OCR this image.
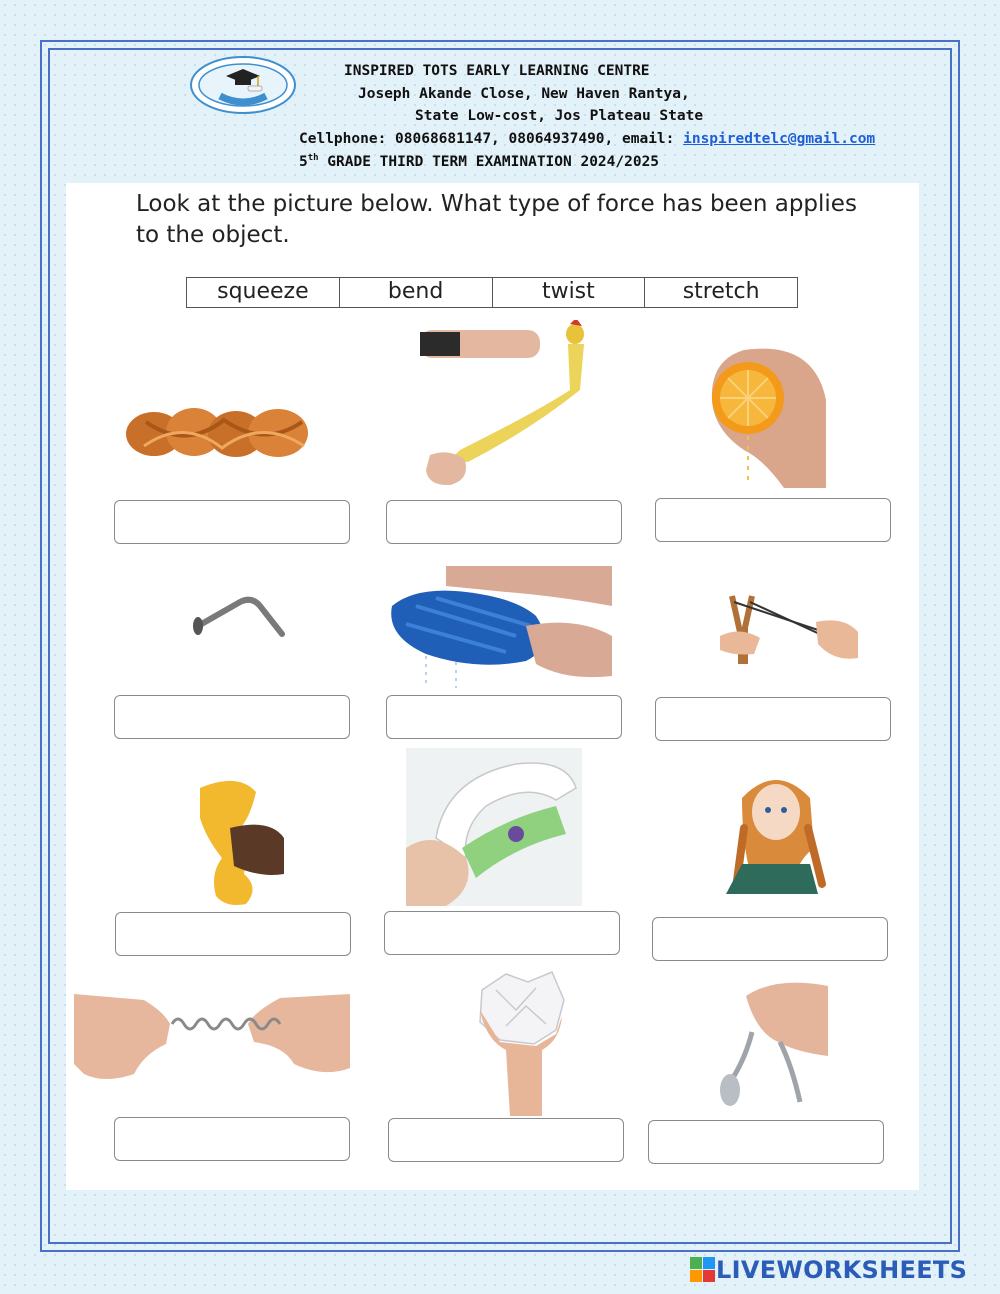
INSPIRED TOTS EARLY LEARNING CENTRE
Joseph Akande Close, New Haven Rantya,
State Low-cost, Jos Plateau State
Cellphone: 08068681147, 08064937490, email: inspiredtelc@gmail.com
5th GRADE THIRD TERM EXAMINATION 2024/2025
Look at the picture below. What type of force has been applies
to the object.
squeeze	bend	twist	stretch
LIVEWORKSHEETS
